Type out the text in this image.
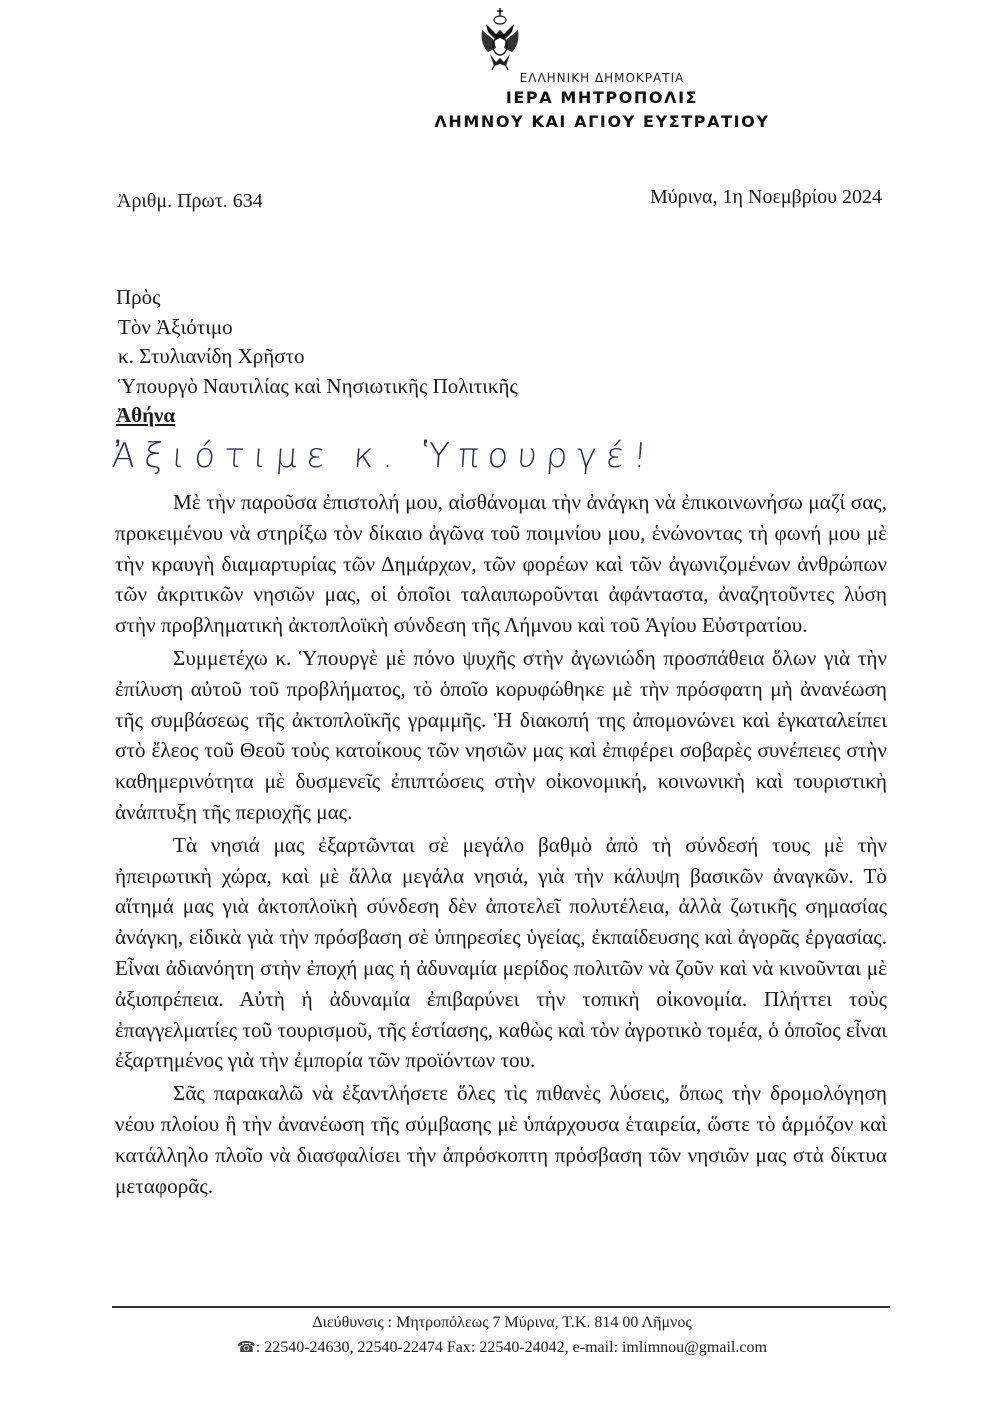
ΕΛΛΗΝΙΚΗ ΔΗΜΟΚΡΑΤΙΑ
ΙΕΡΑ ΜΗΤΡΟΠΟΛΙΣ
ΛΗΜΝΟΥ ΚΑΙ ΑΓΙΟΥ ΕΥΣΤΡΑΤΙΟΥ
Ἀριθμ. Πρωτ. 634	Μύρινα, 1η Νοεμβρίου 2024
Πρὸς
Τὸν Ἀξιότιμο
κ. Στυλιανίδη Χρῆστο
Ὑπουργὸ Ναυτιλίας καὶ Νησιωτικῆς Πολιτικῆς
Ἀθήνα
Ἀξιότιμε κ. Ὑπουργέ!

Μὲ τὴν παροῦσα ἐπιστολή μου, αἰσθάνομαι τὴν ἀνάγκη νὰ ἐπικοινωνήσω μαζί σας, προκειμένου νὰ στηρίξω τὸν δίκαιο ἀγῶνα τοῦ ποιμνίου μου, ἑνώνοντας τὴ φωνή μου μὲ τὴν κραυγὴ διαμαρτυρίας τῶν Δημάρχων, τῶν φορέων καὶ τῶν ἀγωνιζομένων ἀνθρώπων τῶν ἀκριτικῶν νησιῶν μας, οἱ ὁποῖοι ταλαιπωροῦνται ἀφάνταστα, ἀναζητοῦντες λύση στὴν προβληματικὴ ἀκτοπλοϊκὴ σύνδεση τῆς Λήμνου καὶ τοῦ Ἁγίου Εὐστρατίου.

Συμμετέχω κ. Ὑπουργὲ μὲ πόνο ψυχῆς στὴν ἀγωνιώδη προσπάθεια ὅλων γιὰ τὴν ἐπίλυση αὐτοῦ τοῦ προβλήματος, τὸ ὁποῖο κορυφώθηκε μὲ τὴν πρόσφατη μὴ ἀνανέωση τῆς συμβάσεως τῆς ἀκτοπλοϊκῆς γραμμῆς. Ἡ διακοπή της ἀπομονώνει καὶ ἐγκαταλείπει στὸ ἔλεος τοῦ Θεοῦ τοὺς κατοίκους τῶν νησιῶν μας καὶ ἐπιφέρει σοβαρὲς συνέπειες στὴν καθημερινότητα μὲ δυσμενεῖς ἐπιπτώσεις στὴν οἰκονομική, κοινωνικὴ καὶ τουριστικὴ ἀνάπτυξη τῆς περιοχῆς μας.

Τὰ νησιά μας ἐξαρτῶνται σὲ μεγάλο βαθμὸ ἀπὸ τὴ σύνδεσή τους μὲ τὴν ἠπειρωτικὴ χώρα, καὶ μὲ ἄλλα μεγάλα νησιά, γιὰ τὴν κάλυψη βασικῶν ἀναγκῶν. Τὸ αἴτημά μας γιὰ ἀκτοπλοϊκὴ σύνδεση δὲν ἀποτελεῖ πολυτέλεια, ἀλλὰ ζωτικῆς σημασίας ἀνάγκη, εἰδικὰ γιὰ τὴν πρόσβαση σὲ ὑπηρεσίες ὑγείας, ἐκπαίδευσης καὶ ἀγορᾶς ἐργασίας. Εἶναι ἀδιανόητη στὴν ἐποχή μας ἡ ἀδυναμία μερίδος πολιτῶν νὰ ζοῦν καὶ νὰ κινοῦνται μὲ ἀξιοπρέπεια. Αὐτὴ ἡ ἀδυναμία ἐπιβαρύνει τὴν τοπικὴ οἰκονομία. Πλήττει τοὺς ἐπαγγελματίες τοῦ τουρισμοῦ, τῆς ἑστίασης, καθὼς καὶ τὸν ἀγροτικὸ τομέα, ὁ ὁποῖος εἶναι ἐξαρτημένος γιὰ τὴν ἐμπορία τῶν προϊόντων του.

Σᾶς παρακαλῶ νὰ ἐξαντλήσετε ὅλες τὶς πιθανὲς λύσεις, ὅπως τὴν δρομολόγηση νέου πλοίου ἢ τὴν ἀνανέωση τῆς σύμβασης μὲ ὑπάρχουσα ἑταιρεία, ὥστε τὸ ἁρμόζον καὶ κατάλληλο πλοῖο νὰ διασφαλίσει τὴν ἀπρόσκοπτη πρόσβαση τῶν νησιῶν μας στὰ δίκτυα μεταφορᾶς.

Διεύθυνσις : Μητροπόλεως 7 Μύρινα, Τ.Κ. 814 00 Λῆμνος
☎: 22540-24630, 22540-22474 Fax: 22540-24042, e-mail: imlimnou@gmail.com
